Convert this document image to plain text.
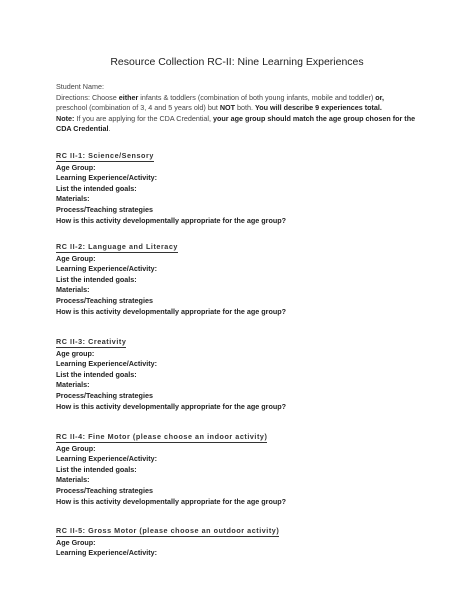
Resource Collection RC-II: Nine Learning Experiences

Student Name:

Directions: Choose either infants & toddlers (combination of both young infants, mobile and toddler) or,
preschool (combination of 3, 4 and 5 years old) but NOT both. You will describe 9 experiences total.

Note: If you are applying for the CDA Credential, your age group should match the age group chosen for the CDA Credential.

RC II-1: Science/Sensory
Age Group:
Learning Experience/Activity:
List the intended goals:
Materials:
Process/Teaching strategies
How is this activity developmentally appropriate for the age group?
RC II-2: Language and Literacy
Age Group:
Learning Experience/Activity:
List the intended goals:
Materials:
Process/Teaching strategies
How is this activity developmentally appropriate for the age group?
RC II-3: Creativity
Age group:
Learning Experience/Activity:
List the intended goals:
Materials:
Process/Teaching strategies
How is this activity developmentally appropriate for the age group?
RC II-4: Fine Motor (please choose an indoor activity)
Age Group:
Learning Experience/Activity:
List the intended goals:
Materials:
Process/Teaching strategies
How is this activity developmentally appropriate for the age group?
RC II-5: Gross Motor (please choose an outdoor activity)
Age Group:
Learning Experience/Activity:
